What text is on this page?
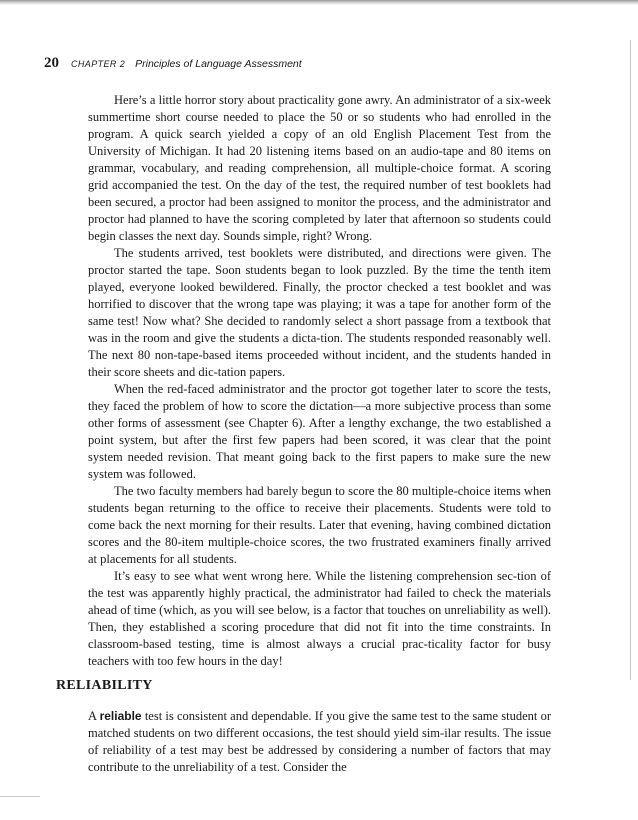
20 CHAPTER 2 Principles of Language Assessment

Here’s a little horror story about practicality gone awry. An administrator of a six-week summertime short course needed to place the 50 or so students who had enrolled in the program. A quick search yielded a copy of an old English Placement Test from the University of Michigan. It had 20 listening items based on an audio-tape and 80 items on grammar, vocabulary, and reading comprehension, all multiple-choice format. A scoring grid accompanied the test. On the day of the test, the required number of test booklets had been secured, a proctor had been assigned to monitor the process, and the administrator and proctor had planned to have the scoring completed by later that afternoon so students could begin classes the next day. Sounds simple, right? Wrong.

The students arrived, test booklets were distributed, and directions were given. The proctor started the tape. Soon students began to look puzzled. By the time the tenth item played, everyone looked bewildered. Finally, the proctor checked a test booklet and was horrified to discover that the wrong tape was playing; it was a tape for another form of the same test! Now what? She decided to randomly select a short passage from a textbook that was in the room and give the students a dicta-tion. The students responded reasonably well. The next 80 non-tape-based items proceeded without incident, and the students handed in their score sheets and dic-tation papers.

When the red-faced administrator and the proctor got together later to score the tests, they faced the problem of how to score the dictation—a more subjective process than some other forms of assessment (see Chapter 6). After a lengthy exchange, the two established a point system, but after the first few papers had been scored, it was clear that the point system needed revision. That meant going back to the first papers to make sure the new system was followed.

The two faculty members had barely begun to score the 80 multiple-choice items when students began returning to the office to receive their placements. Students were told to come back the next morning for their results. Later that evening, having combined dictation scores and the 80-item multiple-choice scores, the two frustrated examiners finally arrived at placements for all students.

It’s easy to see what went wrong here. While the listening comprehension sec-tion of the test was apparently highly practical, the administrator had failed to check the materials ahead of time (which, as you will see below, is a factor that touches on unreliability as well). Then, they established a scoring procedure that did not fit into the time constraints. In classroom-based testing, time is almost always a crucial prac-ticality factor for busy teachers with too few hours in the day!

RELIABILITY

A reliable test is consistent and dependable. If you give the same test to the same student or matched students on two different occasions, the test should yield sim-ilar results. The issue of reliability of a test may best be addressed by considering a number of factors that may contribute to the unreliability of a test. Consider the
